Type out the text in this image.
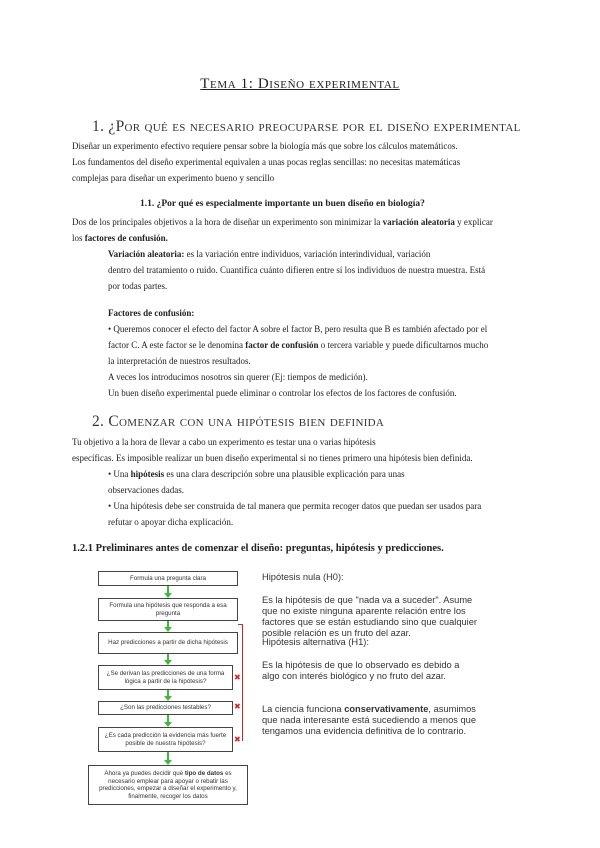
Tema 1: Diseño experimental
1. ¿Por qué es necesario preocuparse por el diseño experimental
Diseñar un experimento efectivo requiere pensar sobre la biología más que sobre los cálculos matemáticos.
Los fundamentos del diseño experimental equivalen a unas pocas reglas sencillas: no necesitas matemáticas
complejas para diseñar un experimento bueno y sencillo
1.1. ¿Por qué es especialmente importante un buen diseño en biología?
Dos de los principales objetivos a la hora de diseñar un experimento son minimizar la variación aleatoria y explicar
los factores de confusión.
Variación aleatoria: es la variación entre individuos, variación interindividual, variación
dentro del tratamiento o ruido. Cuantifica cuánto difieren entre sí los individuos de nuestra muestra. Está
por todas partes.
Factores de confusión:
• Queremos conocer el efecto del factor A sobre el factor B, pero resulta que B es también afectado por el
factor C. A este factor se le denomina factor de confusión o tercera variable y puede dificultarnos mucho
la interpretación de nuestros resultados.
A veces los introducimos nosotros sin querer (Ej: tiempos de medición).
Un buen diseño experimental puede eliminar o controlar los efectos de los factores de confusión.
2. Comenzar con una hipótesis bien definida
Tu objetivo a la hora de llevar a cabo un experimento es testar una o varias hipótesis
específicas. Es imposible realizar un buen diseño experimental si no tienes primero una hipótesis bien definida.
• Una hipótesis es una clara descripción sobre una plausible explicación para unas
observaciones dadas.
• Una hipótesis debe ser construida de tal manera que permita recoger datos que puedan ser usados para
refutar o apoyar dicha explicación.
1.2.1 Preliminares antes de comenzar el diseño: preguntas, hipótesis y predicciones.
Formula una pregunta clara
Formula una hipótesis que responda a esa pregunta
Haz predicciones a partir de dicha hipótesis
¿Se derivan las predicciones de una forma lógica a partir de la hipótesis?
¿Son las predicciones testables?
¿Es cada predicción la evidencia más fuerte posible de nuestra hipótesis?
Ahora ya puedes decidir qué tipo de datos es necesario emplear para apoyar o rebatir las predicciones, empezar a diseñar el experimento y, finalmente, recoger los datos
✖
✖
✖
Hipótesis nula (H0):
Es la hipótesis de que "nada va a suceder". Asume
que no existe ninguna aparente relación entre los
factores que se están estudiando sino que cualquier
posible relación es un fruto del azar.
Hipótesis alternativa (H1):
Es la hipótesis de que lo observado es debido a
algo con interés biológico y no fruto del azar.
La ciencia funciona conservativamente, asumimos
que nada interesante está sucediendo a menos que
tengamos una evidencia definitiva de lo contrario.
